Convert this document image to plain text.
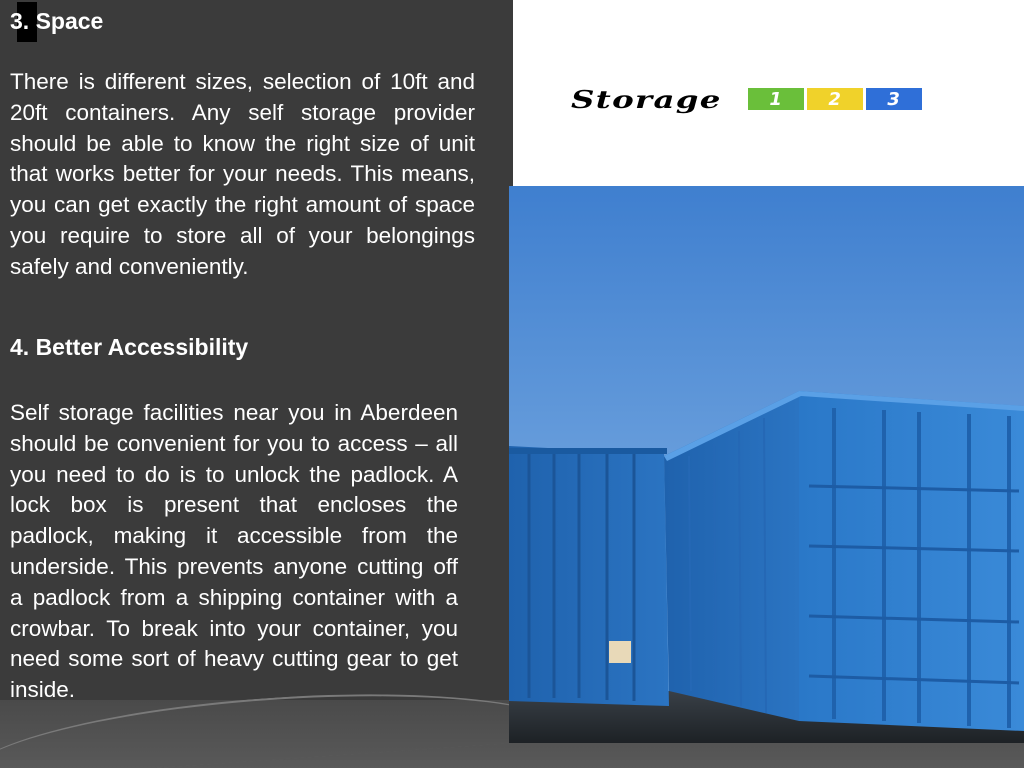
3. Space

There is different sizes, selection of 10ft and 20ft containers. Any self storage provider should be able to know the right size of unit that works better for your needs. This means, you can get exactly the right amount of space you require to store all of your belongings safely and conveniently.

4. Better Accessibility

Self storage facilities near you in Aberdeen should be convenient for you to access – all you need to do is to unlock the padlock. A lock box is present that encloses the padlock, making it accessible from the underside. This prevents anyone cutting off a padlock from a shipping container with a crowbar. To break into your container, you need some sort of heavy cutting gear to get inside.

Storage	1	2	3
